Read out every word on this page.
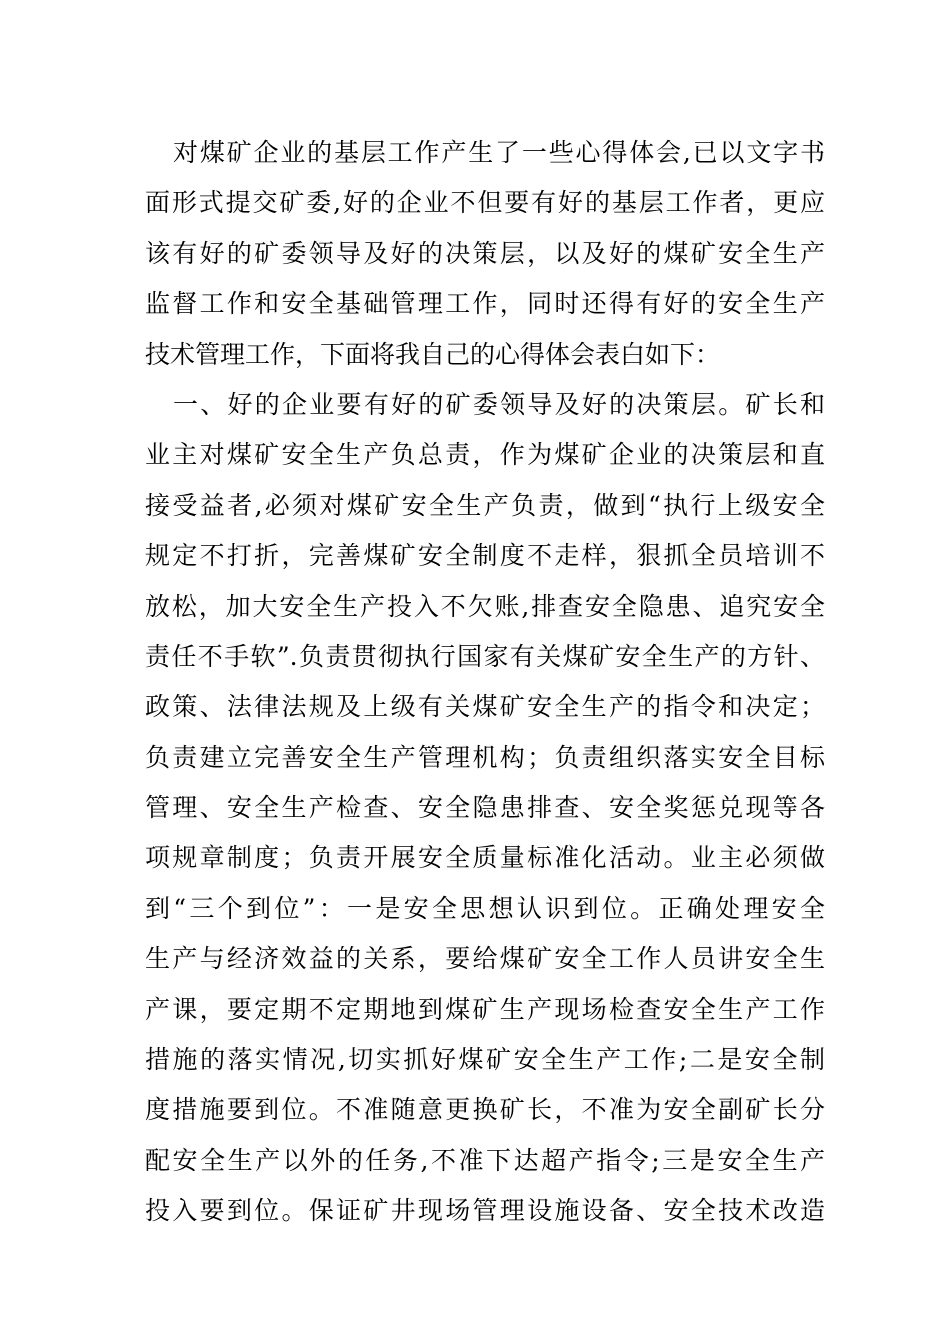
对煤矿企业的基层工作产生了一些心得体会,已以文字书
面形式提交矿委,好的企业不但要有好的基层工作者，更应
该有好的矿委领导及好的决策层，以及好的煤矿安全生产
监督工作和安全基础管理工作，同时还得有好的安全生产
技术管理工作，下面将我自己的心得体会表白如下：
一、好的企业要有好的矿委领导及好的决策层。矿长和
业主对煤矿安全生产负总责，作为煤矿企业的决策层和直
接受益者,必须对煤矿安全生产负责，做到“执行上级安全
规定不打折，完善煤矿安全制度不走样，狠抓全员培训不
放松，加大安全生产投入不欠账,排查安全隐患、追究安全
责任不手软”.负责贯彻执行国家有关煤矿安全生产的方针、
政策、法律法规及上级有关煤矿安全生产的指令和决定；
负责建立完善安全生产管理机构；负责组织落实安全目标
管理、安全生产检查、安全隐患排查、安全奖惩兑现等各
项规章制度；负责开展安全质量标准化活动。业主必须做
到“三个到位”：一是安全思想认识到位。正确处理安全
生产与经济效益的关系，要给煤矿安全工作人员讲安全生
产课，要定期不定期地到煤矿生产现场检查安全生产工作
措施的落实情况,切实抓好煤矿安全生产工作;二是安全制
度措施要到位。不准随意更换矿长，不准为安全副矿长分
配安全生产以外的任务,不准下达超产指令;三是安全生产
投入要到位。保证矿井现场管理设施设备、安全技术改造
